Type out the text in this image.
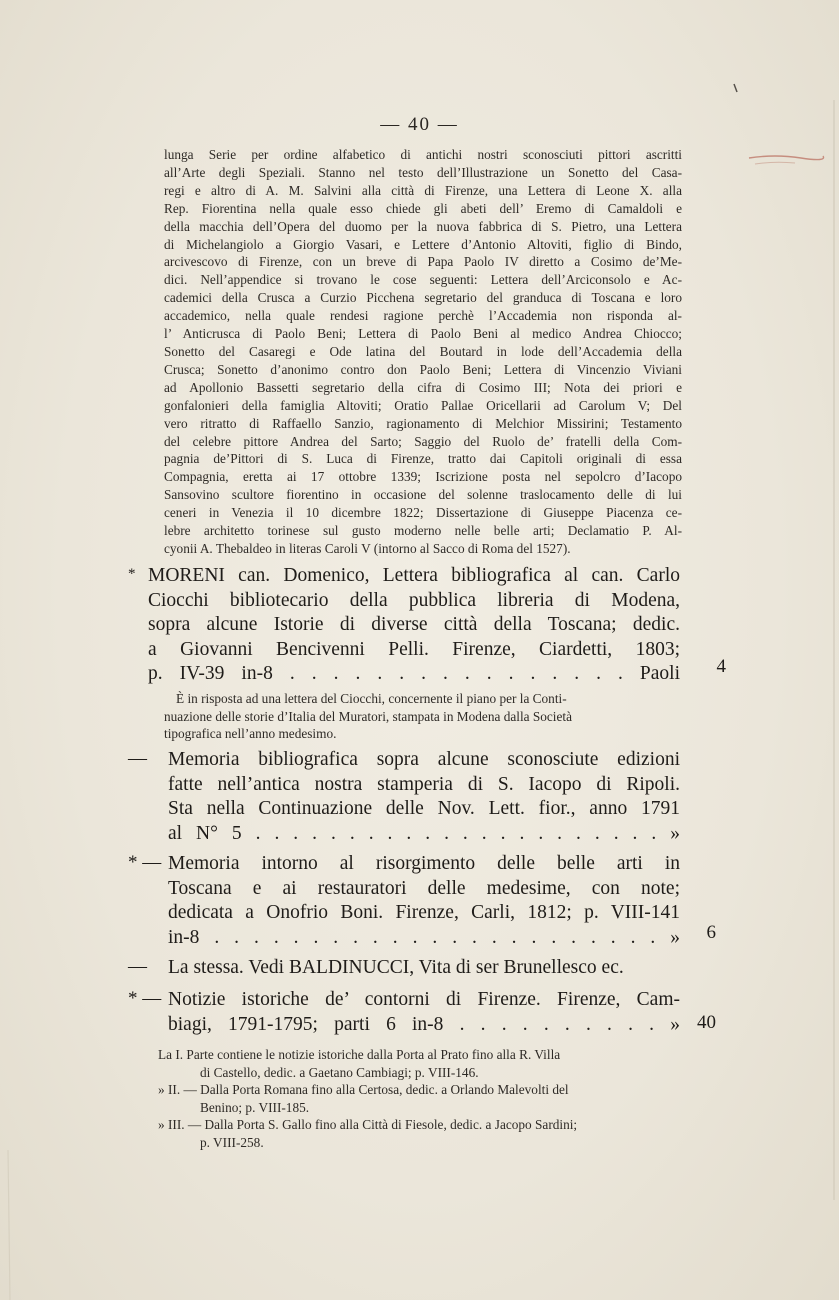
— 40 —
lunga Serie per ordine alfabetico di antichi nostri sconosciuti pittori ascritti
all’Arte degli Speziali. Stanno nel testo dell’Illustrazione un Sonetto del Casa-
regi e altro di A. M. Salvini alla città di Firenze, una Lettera di Leone X. alla
Rep. Fiorentina nella quale esso chiede gli abeti dell’ Eremo di Camaldoli e
della macchia dell’Opera del duomo per la nuova fabbrica di S. Pietro, una Lettera
di Michelangiolo a Giorgio Vasari, e Lettere d’Antonio Altoviti, figlio di Bindo,
arcivescovo di Firenze, con un breve di Papa Paolo IV diretto a Cosimo de’Me-
dici. Nell’appendice si trovano le cose seguenti: Lettera dell’Arciconsolo e Ac-
cademici della Crusca a Curzio Picchena segretario del granduca di Toscana e loro
accademico, nella quale rendesi ragione perchè l’Accademia non risponda al-
l’ Anticrusca di Paolo Beni; Lettera di Paolo Beni al medico Andrea Chiocco;
Sonetto del Casaregi e Ode latina del Boutard in lode dell’Accademia della
Crusca; Sonetto d’anonimo contro don Paolo Beni; Lettera di Vincenzio Viviani
ad Apollonio Bassetti segretario della cifra di Cosimo III; Nota dei priori e
gonfalonieri della famiglia Altoviti; Oratio Pallae Oricellarii ad Carolum V; Del
vero ritratto di Raffaello Sanzio, ragionamento di Melchior Missirini; Testamento
del celebre pittore Andrea del Sarto; Saggio del Ruolo de’ fratelli della Com-
pagnia de’Pittori di S. Luca di Firenze, tratto dai Capitoli originali di essa
Compagnia, eretta ai 17 ottobre 1339; Iscrizione posta nel sepolcro d’Iacopo
Sansovino scultore fiorentino in occasione del solenne traslocamento delle di lui
ceneri in Venezia il 10 dicembre 1822; Dissertazione di Giuseppe Piacenza ce-
lebre architetto torinese sul gusto moderno nelle belle arti; Declamatio P. Al-
cyonii A. Thebaldeo in literas Caroli V (intorno al Sacco di Roma del 1527).
* MORENI can. Domenico, Lettera bibliografica al can. Carlo
Ciocchi bibliotecario della pubblica libreria di Modena,
sopra alcune Istorie di diverse città della Toscana; dedic.
a Giovanni Bencivenni Pelli. Firenze, Ciardetti, 1803;
p. IV-39 in-8 . . . . . . . . . . . . . . . . Paoli	4
È in risposta ad una lettera del Ciocchi, concernente il piano per la Conti-
nuazione delle storie d’Italia del Muratori, stampata in Modena dalla Società
tipografica nell’anno medesimo.
— Memoria bibliografica sopra alcune sconosciute edizioni
fatte nell’antica nostra stamperia di S. Iacopo di Ripoli.
Sta nella Continuazione delle Nov. Lett. fior., anno 1791
al N° 5 . . . . . . . . . . . . . . . . . . . . . . »
* — Memoria intorno al risorgimento delle belle arti in
Toscana e ai restauratori delle medesime, con note;
dedicata a Onofrio Boni. Firenze, Carli, 1812; p. VIII-141
in-8 . . . . . . . . . . . . . . . . . . . . . . . »	6
— La stessa. Vedi BALDINUCCI, Vita di ser Brunellesco ec.
* — Notizie istoriche de’ contorni di Firenze. Firenze, Cam-
biagi, 1791-1795; parti 6 in-8 . . . . . . . . . . » 40
La I. Parte contiene le notizie istoriche dalla Porta al Prato fino alla R. Villa
di Castello, dedic. a Gaetano Cambiagi; p. VIII-146.
» II. — Dalla Porta Romana fino alla Certosa, dedic. a Orlando Malevolti del
Benino; p. VIII-185.
» III. — Dalla Porta S. Gallo fino alla Città di Fiesole, dedic. a Jacopo Sardini;
p. VIII-258.
